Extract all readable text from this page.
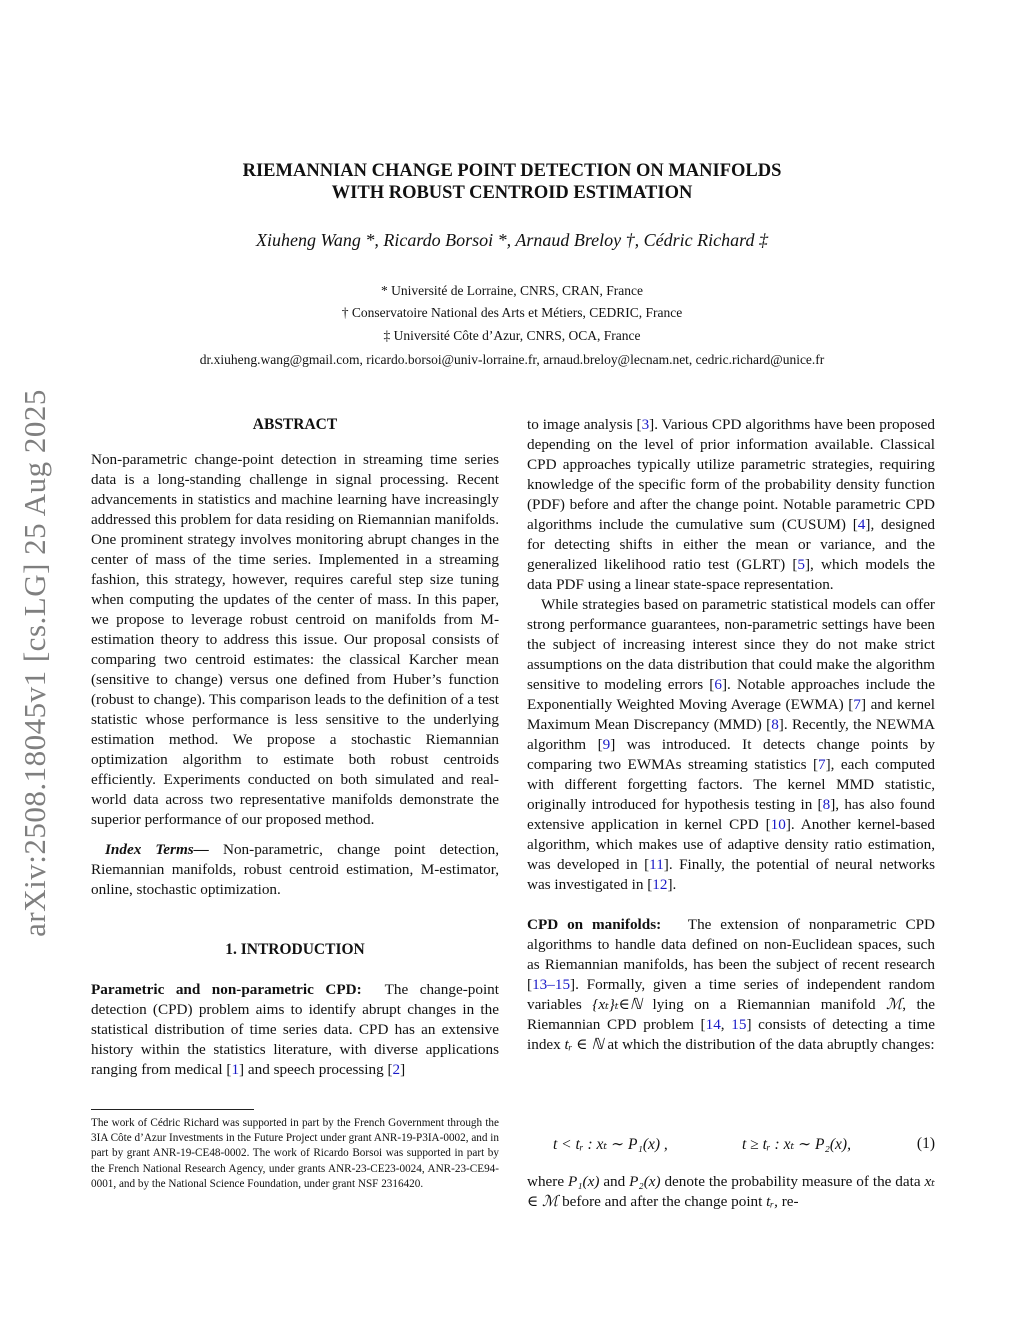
arXiv:2508.18045v1 [cs.LG] 25 Aug 2025
RIEMANNIAN CHANGE POINT DETECTION ON MANIFOLDS
WITH ROBUST CENTROID ESTIMATION
Xiuheng Wang *, Ricardo Borsoi *, Arnaud Breloy †, Cédric Richard ‡
* Université de Lorraine, CNRS, CRAN, France
† Conservatoire National des Arts et Métiers, CEDRIC, France
‡ Université Côte d’Azur, CNRS, OCA, France
dr.xiuheng.wang@gmail.com, ricardo.borsoi@univ-lorraine.fr, arnaud.breloy@lecnam.net, cedric.richard@unice.fr

ABSTRACT

Non-parametric change-point detection in streaming time series data is a long-standing challenge in signal processing. Recent advancements in statistics and machine learning have increasingly addressed this problem for data residing on Riemannian manifolds. One prominent strategy involves monitoring abrupt changes in the center of mass of the time series. Implemented in a streaming fashion, this strategy, however, requires careful step size tuning when computing the updates of the center of mass. In this paper, we propose to leverage robust centroid on manifolds from M-estimation theory to address this issue. Our proposal consists of comparing two centroid estimates: the classical Karcher mean (sensitive to change) versus one defined from Huber’s function (robust to change). This comparison leads to the definition of a test statistic whose performance is less sensitive to the underlying estimation method. We propose a stochastic Riemannian optimization algorithm to estimate both robust centroids efficiently. Experiments conducted on both simulated and real-world data across two representative manifolds demonstrate the superior performance of our proposed method.

Index Terms— Non-parametric, change point detection, Riemannian manifolds, robust centroid estimation, M-estimator, online, stochastic optimization.

1. INTRODUCTION

Parametric and non-parametric CPD: The change-point detection (CPD) problem aims to identify abrupt changes in the statistical distribution of time series data. CPD has an extensive history within the statistics literature, with diverse applications ranging from medical [1] and speech processing [2]

The work of Cédric Richard was supported in part by the French Government through the 3IA Côte d’Azur Investments in the Future Project under grant ANR-19-P3IA-0002, and in part by grant ANR-19-CE48-0002. The work of Ricardo Borsoi was supported in part by the French National Research Agency, under grants ANR-23-CE23-0024, ANR-23-CE94-0001, and by the National Science Foundation, under grant NSF 2316420.

to image analysis [3]. Various CPD algorithms have been proposed depending on the level of prior information available. Classical CPD approaches typically utilize parametric strategies, requiring knowledge of the specific form of the probability density function (PDF) before and after the change point. Notable parametric CPD algorithms include the cumulative sum (CUSUM) [4], designed for detecting shifts in either the mean or variance, and the generalized likelihood ratio test (GLRT) [5], which models the data PDF using a linear state-space representation.

While strategies based on parametric statistical models can offer strong performance guarantees, non-parametric settings have been the subject of increasing interest since they do not make strict assumptions on the data distribution that could make the algorithm sensitive to modeling errors [6]. Notable approaches include the Exponentially Weighted Moving Average (EWMA) [7] and kernel Maximum Mean Discrepancy (MMD) [8]. Recently, the NEWMA algorithm [9] was introduced. It detects change points by comparing two EWMAs streaming statistics [7], each computed with different forgetting factors. The kernel MMD statistic, originally introduced for hypothesis testing in [8], has also found extensive application in kernel CPD [10]. Another kernel-based algorithm, which makes use of adaptive density ratio estimation, was developed in [11]. Finally, the potential of neural networks was investigated in [12].

CPD on manifolds: The extension of nonparametric CPD algorithms to handle data defined on non-Euclidean spaces, such as Riemannian manifolds, has been the subject of recent research [13–15]. Formally, given a time series of independent random variables {xₜ}ₜ∈ℕ lying on a Riemannian manifold ℳ, the Riemannian CPD problem [14, 15] consists of detecting a time index tᵣ ∈ ℕ at which the distribution of the data abruptly changes:

t < tᵣ : xₜ ∼ P₁(x) ,	t ≥ tᵣ : xₜ ∼ P₂(x),	(1)

where P₁(x) and P₂(x) denote the probability measure of the data xₜ ∈ ℳ before and after the change point tᵣ, re-
